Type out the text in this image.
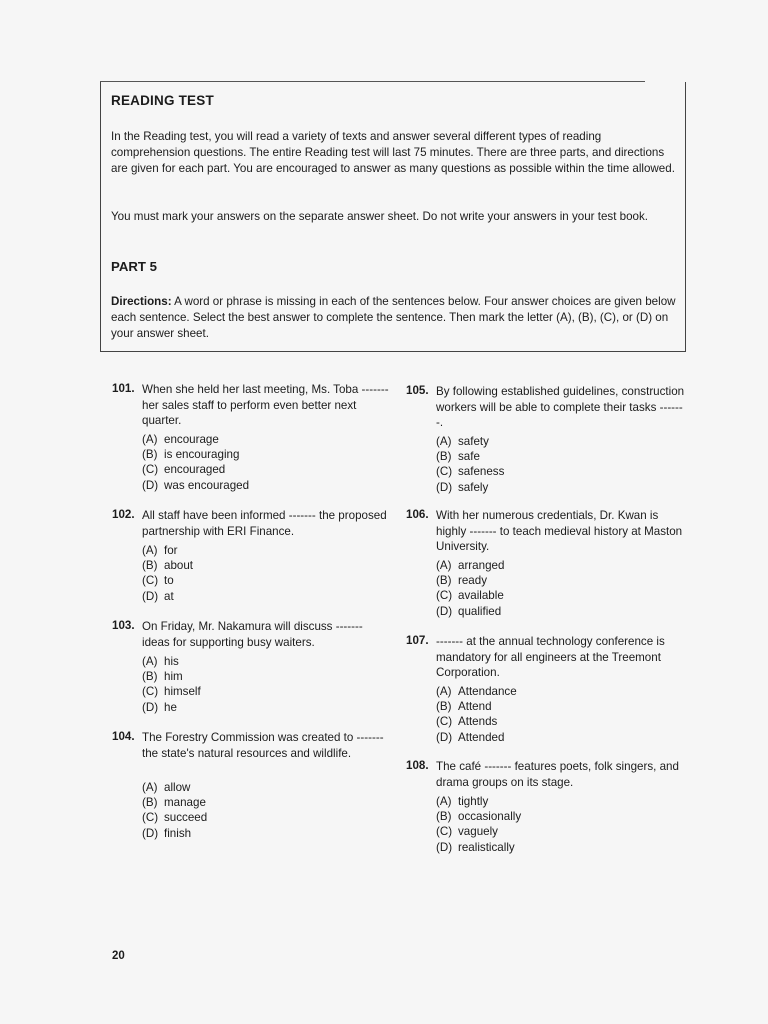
READING TEST
In the Reading test, you will read a variety of texts and answer several different types of reading comprehension questions. The entire Reading test will last 75 minutes. There are three parts, and directions are given for each part. You are encouraged to answer as many questions as possible within the time allowed.
You must mark your answers on the separate answer sheet. Do not write your answers in your test book.
PART 5
Directions: A word or phrase is missing in each of the sentences below. Four answer choices are given below each sentence. Select the best answer to complete the sentence. Then mark the letter (A), (B), (C), or (D) on your answer sheet.
101. When she held her last meeting, Ms. Toba ------- her sales staff to perform even better next quarter.
(A) encourage
(B) is encouraging
(C) encouraged
(D) was encouraged
102. All staff have been informed ------- the proposed partnership with ERI Finance.
(A) for
(B) about
(C) to
(D) at
103. On Friday, Mr. Nakamura will discuss ------- ideas for supporting busy waiters.
(A) his
(B) him
(C) himself
(D) he
104. The Forestry Commission was created to ------- the state's natural resources and wildlife.
(A) allow
(B) manage
(C) succeed
(D) finish
105. By following established guidelines, construction workers will be able to complete their tasks -------.
(A) safety
(B) safe
(C) safeness
(D) safely
106. With her numerous credentials, Dr. Kwan is highly ------- to teach medieval history at Maston University.
(A) arranged
(B) ready
(C) available
(D) qualified
107. ------- at the annual technology conference is mandatory for all engineers at the Treemont Corporation.
(A) Attendance
(B) Attend
(C) Attends
(D) Attended
108. The café ------- features poets, folk singers, and drama groups on its stage.
(A) tightly
(B) occasionally
(C) vaguely
(D) realistically
20
